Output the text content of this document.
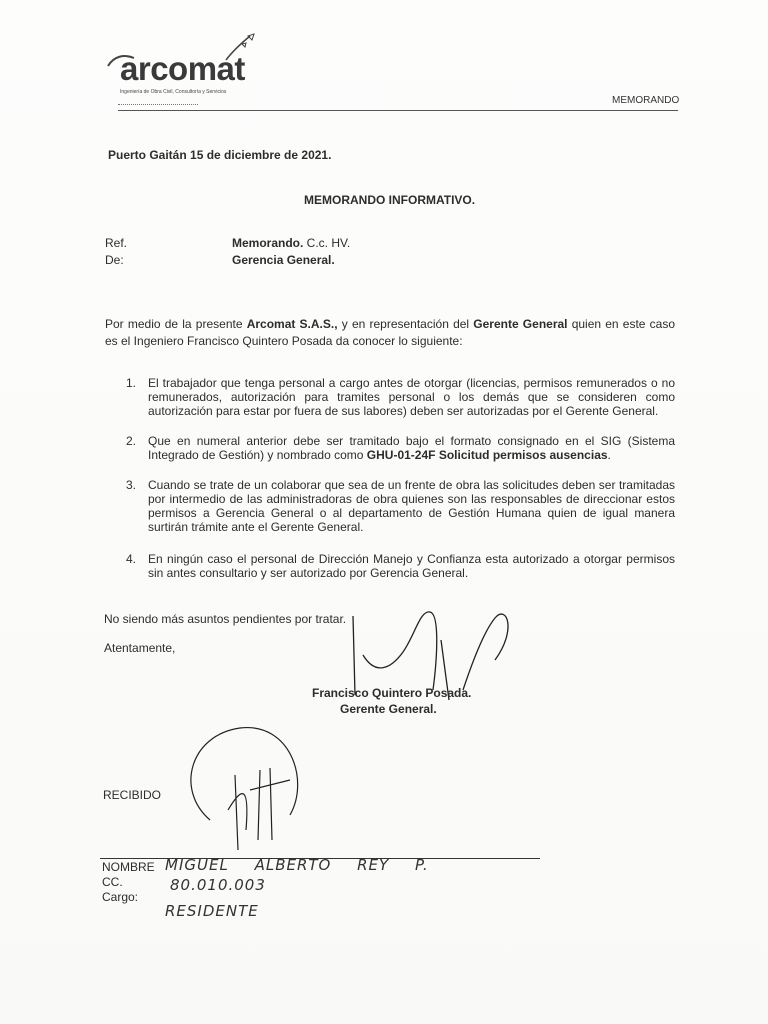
arcomat
Ingeniería de Obra Civil, Consultoría y Servicios
MEMORANDO
Puerto Gaitán 15 de diciembre de 2021.
MEMORANDO INFORMATIVO.
Ref.	Memorando. C.c. HV.
De:	Gerencia General.
Por medio de la presente Arcomat S.A.S., y en representación del Gerente General quien en este caso es el Ingeniero Francisco Quintero Posada da conocer lo siguiente:
1. El trabajador que tenga personal a cargo antes de otorgar (licencias, permisos remunerados o no remunerados, autorización para tramites personal o los demás que se consideren como autorización para estar por fuera de sus labores) deben ser autorizadas por el Gerente General.
2. Que en numeral anterior debe ser tramitado bajo el formato consignado en el SIG (Sistema Integrado de Gestión) y nombrado como GHU-01-24F Solicitud permisos ausencias.
3. Cuando se trate de un colaborar que sea de un frente de obra las solicitudes deben ser tramitadas por intermedio de las administradoras de obra quienes son las responsables de direccionar estos permisos a Gerencia General o al departamento de Gestión Humana quien de igual manera surtirán trámite ante el Gerente General.
4. En ningún caso el personal de Dirección Manejo y Confianza esta autorizado a otorgar permisos sin antes consultario y ser autorizado por Gerencia General.
No siendo más asuntos pendientes por tratar.
Atentamente,
Francisco Quintero Posada.
Gerente General.
RECIBIDO
NOMBRE
CC.
Cargo:
MIGUEL ALBERTO REY P.
80.010.003
RESIDENTE
